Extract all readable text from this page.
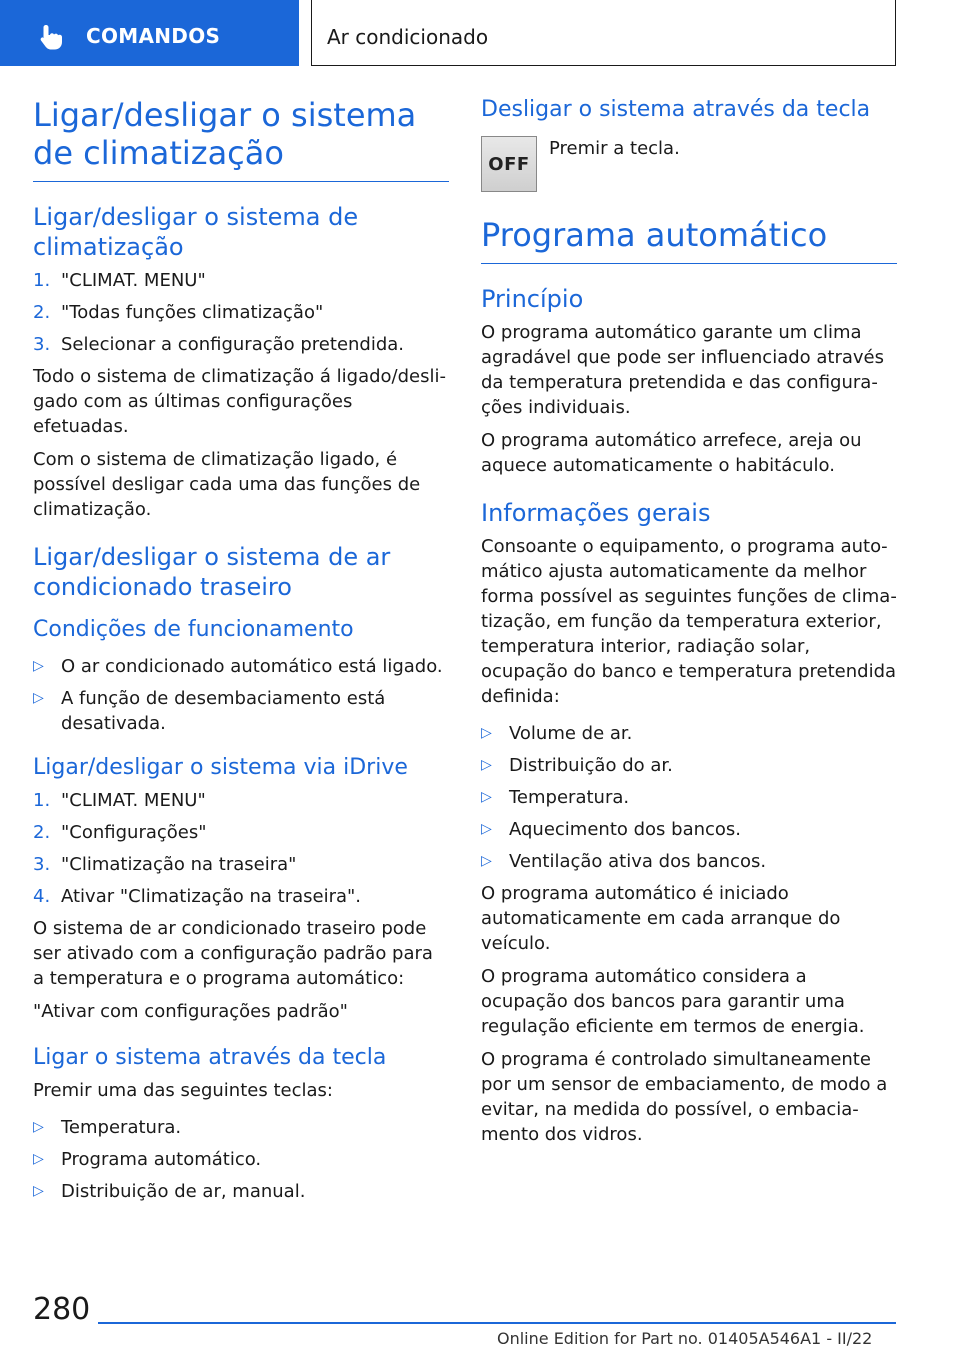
COMANDOS	Ar condicionado
Ligar/desligar o sistema de climatização
Ligar/desligar o sistema de climatização
1. "CLIMAT. MENU"
2. "Todas funções climatização"
3. Selecionar a configuração pretendida.

Todo o sistema de climatização á ligado/desligado com as últimas configurações efetuadas.

Com o sistema de climatização ligado, é possível desligar cada uma das funções de climatização.

Ligar/desligar o sistema de ar condicionado traseiro
Condições de funcionamento
▷ O ar condicionado automático está ligado.
▷ A função de desembaciamento está desativada.
Ligar/desligar o sistema via iDrive
1. "CLIMAT. MENU"
2. "Configurações"
3. "Climatização na traseira"
4. Ativar "Climatização na traseira".

O sistema de ar condicionado traseiro pode ser ativado com a configuração padrão para a temperatura e o programa automático:

"Ativar com configurações padrão"

Ligar o sistema através da tecla

Premir uma das seguintes teclas:

▷ Temperatura.
▷ Programa automático.
▷ Distribuição de ar, manual.
Desligar o sistema através da tecla
OFF

Premir a tecla.

Programa automático
Princípio

O programa automático garante um clima agradável que pode ser influenciado através da temperatura pretendida e das configurações individuais.

O programa automático arrefece, areja ou aquece automaticamente o habitáculo.

Informações gerais

Consoante o equipamento, o programa automático ajusta automaticamente da melhor forma possível as seguintes funções de climatização, em função da temperatura exterior, temperatura interior, radiação solar, ocupação do banco e temperatura pretendida definida:

▷ Volume de ar.
▷ Distribuição do ar.
▷ Temperatura.
▷ Aquecimento dos bancos.
▷ Ventilação ativa dos bancos.

O programa automático é iniciado automaticamente em cada arranque do veículo.

O programa automático considera a ocupação dos bancos para garantir uma regulação eficiente em termos de energia.

O programa é controlado simultaneamente por um sensor de embaciamento, de modo a evitar, na medida do possível, o embaciamento dos vidros.

280
Online Edition for Part no. 01405A546A1 - II/22
